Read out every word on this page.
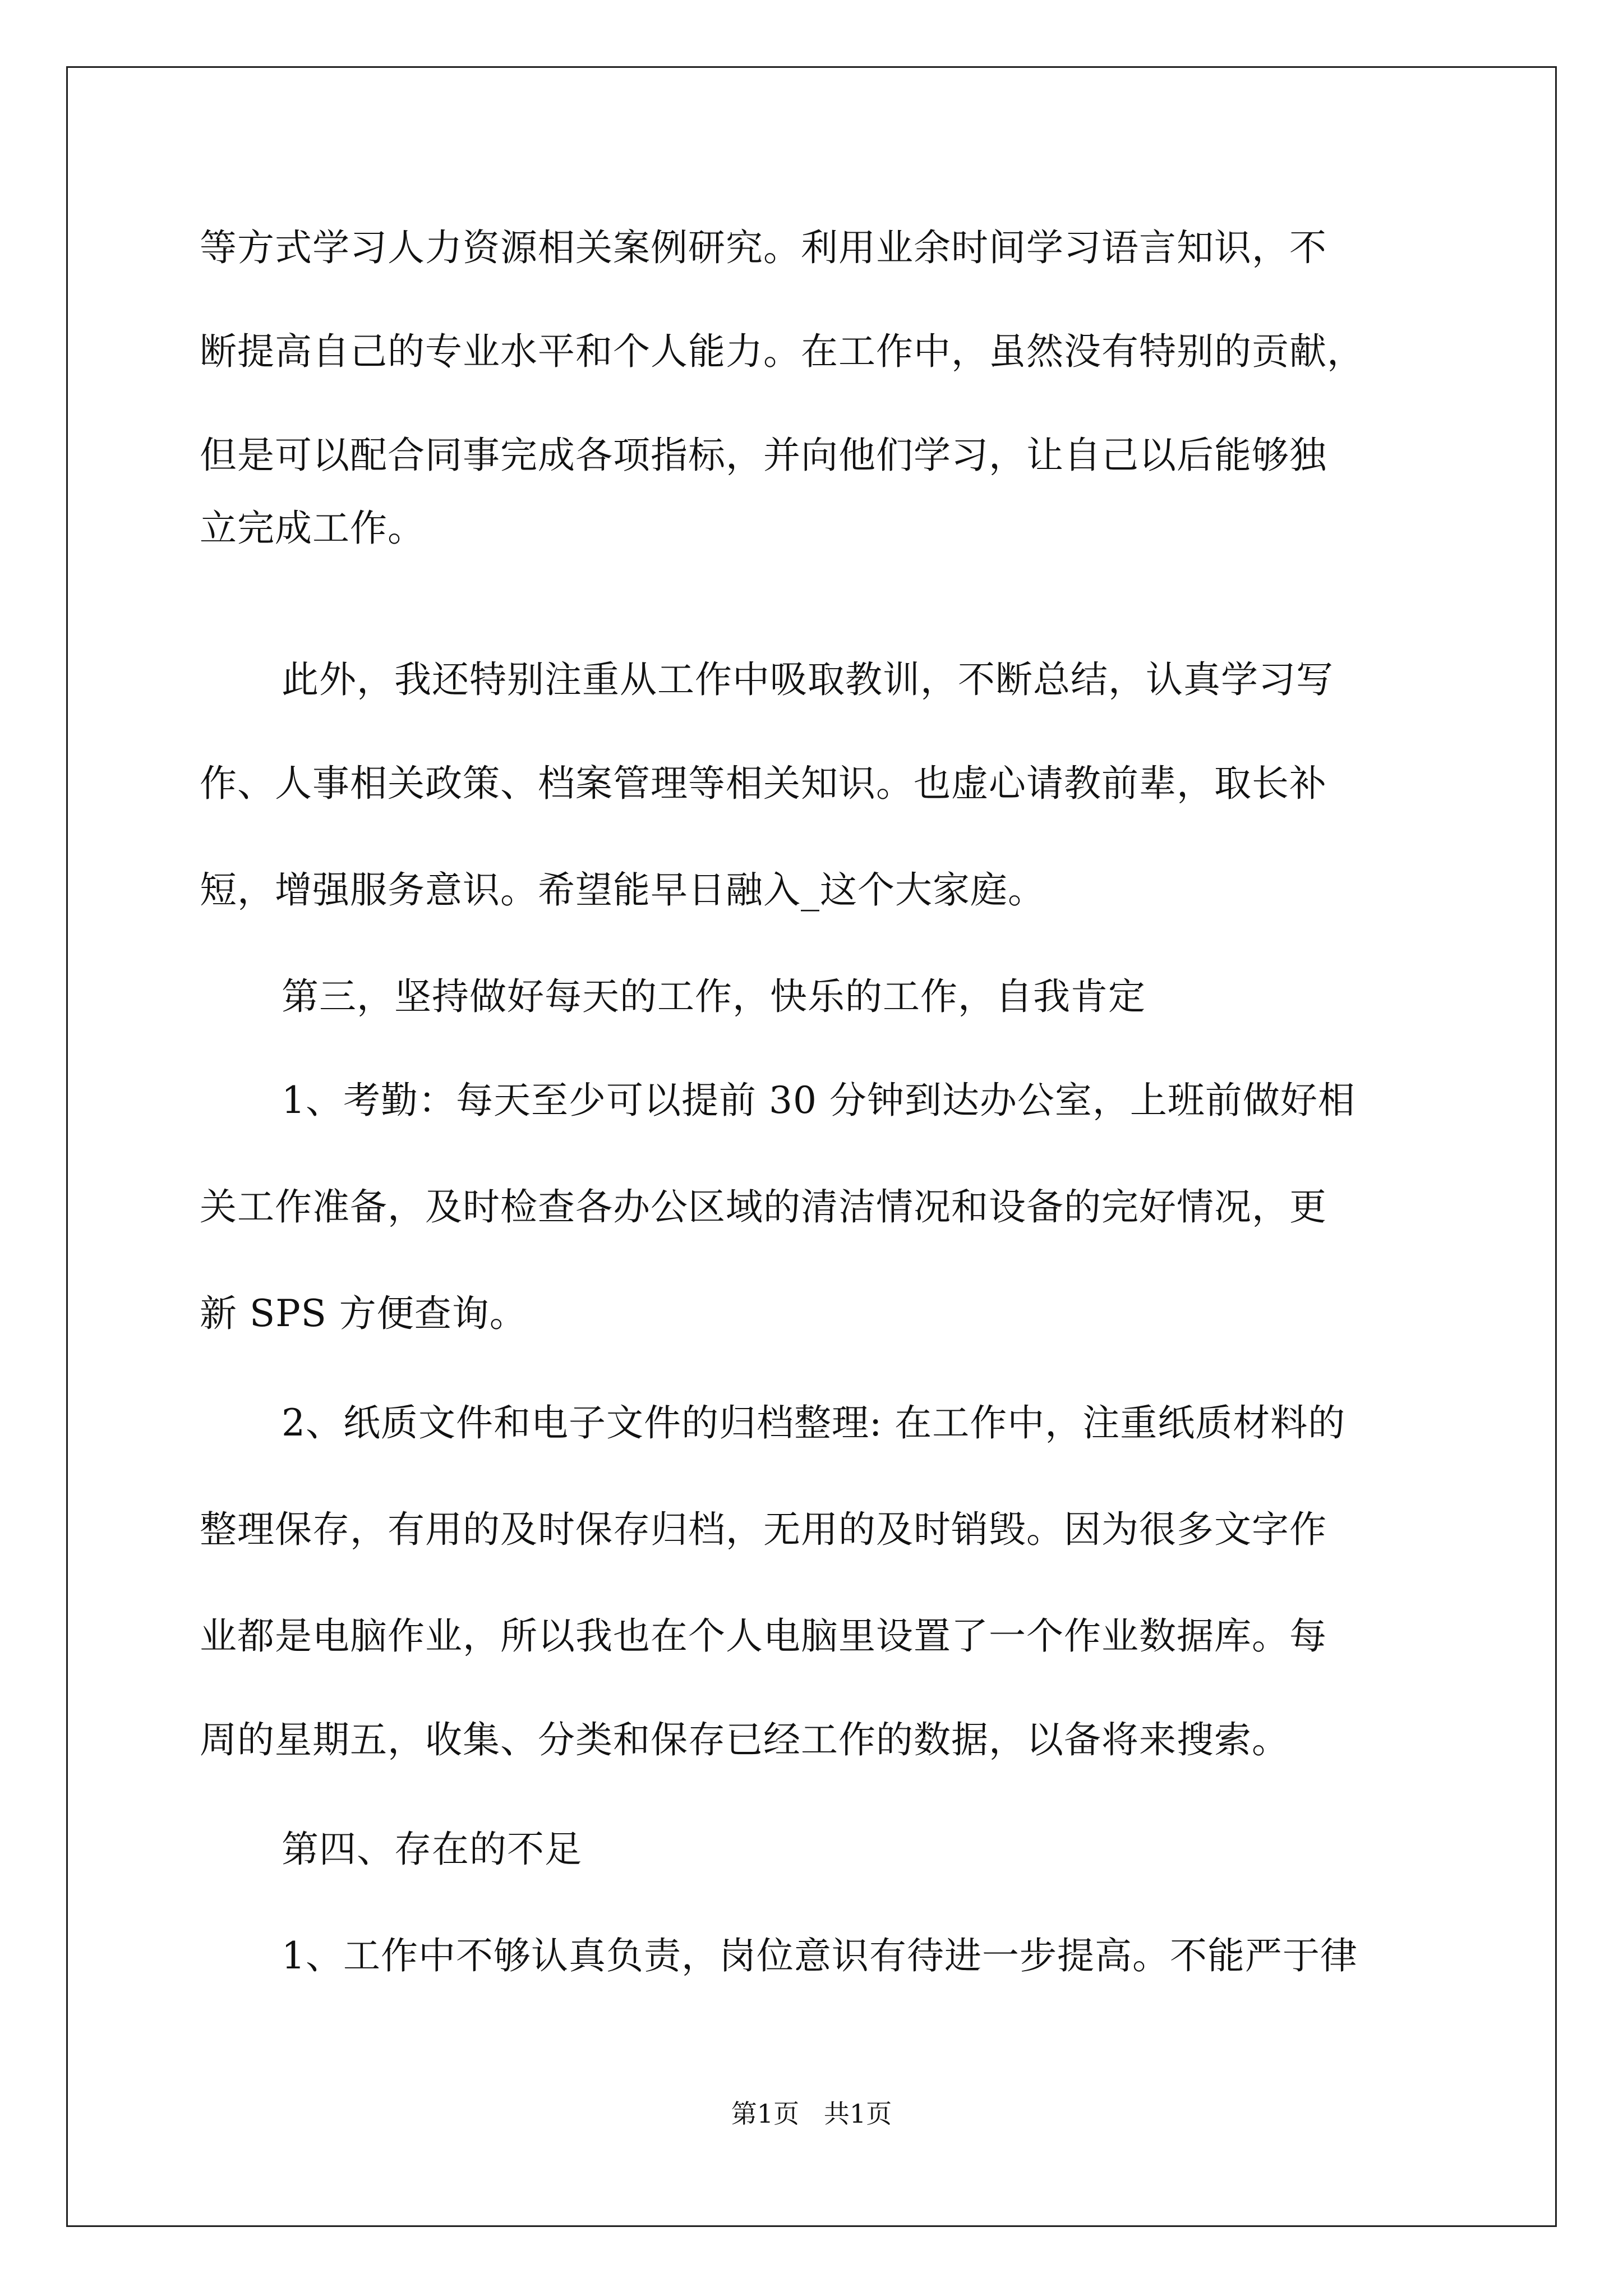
等方式学习人力资源相关案例研究。利用业余时间学习语言知识，不
断提高自己的专业水平和个人能力。在工作中，虽然没有特别的贡献，
但是可以配合同事完成各项指标，并向他们学习，让自己以后能够独
立完成工作。
此外，我还特别注重从工作中吸取教训，不断总结，认真学习写
作、人事相关政策、档案管理等相关知识。也虚心请教前辈，取长补
短，增强服务意识。希望能早日融入_这个大家庭。
第三，坚持做好每天的工作，快乐的工作，自我肯定
1、考勤：每天至少可以提前 30 分钟到达办公室，上班前做好相
关工作准备，及时检查各办公区域的清洁情况和设备的完好情况，更
新 SPS 方便查询。
2、纸质文件和电子文件的归档整理: 在工作中，注重纸质材料的
整理保存，有用的及时保存归档，无用的及时销毁。因为很多文字作
业都是电脑作业，所以我也在个人电脑里设置了一个作业数据库。每
周的星期五，收集、分类和保存已经工作的数据，以备将来搜索。
第四、存在的不足
1、工作中不够认真负责，岗位意识有待进一步提高。不能严于律
第1页   共1页
